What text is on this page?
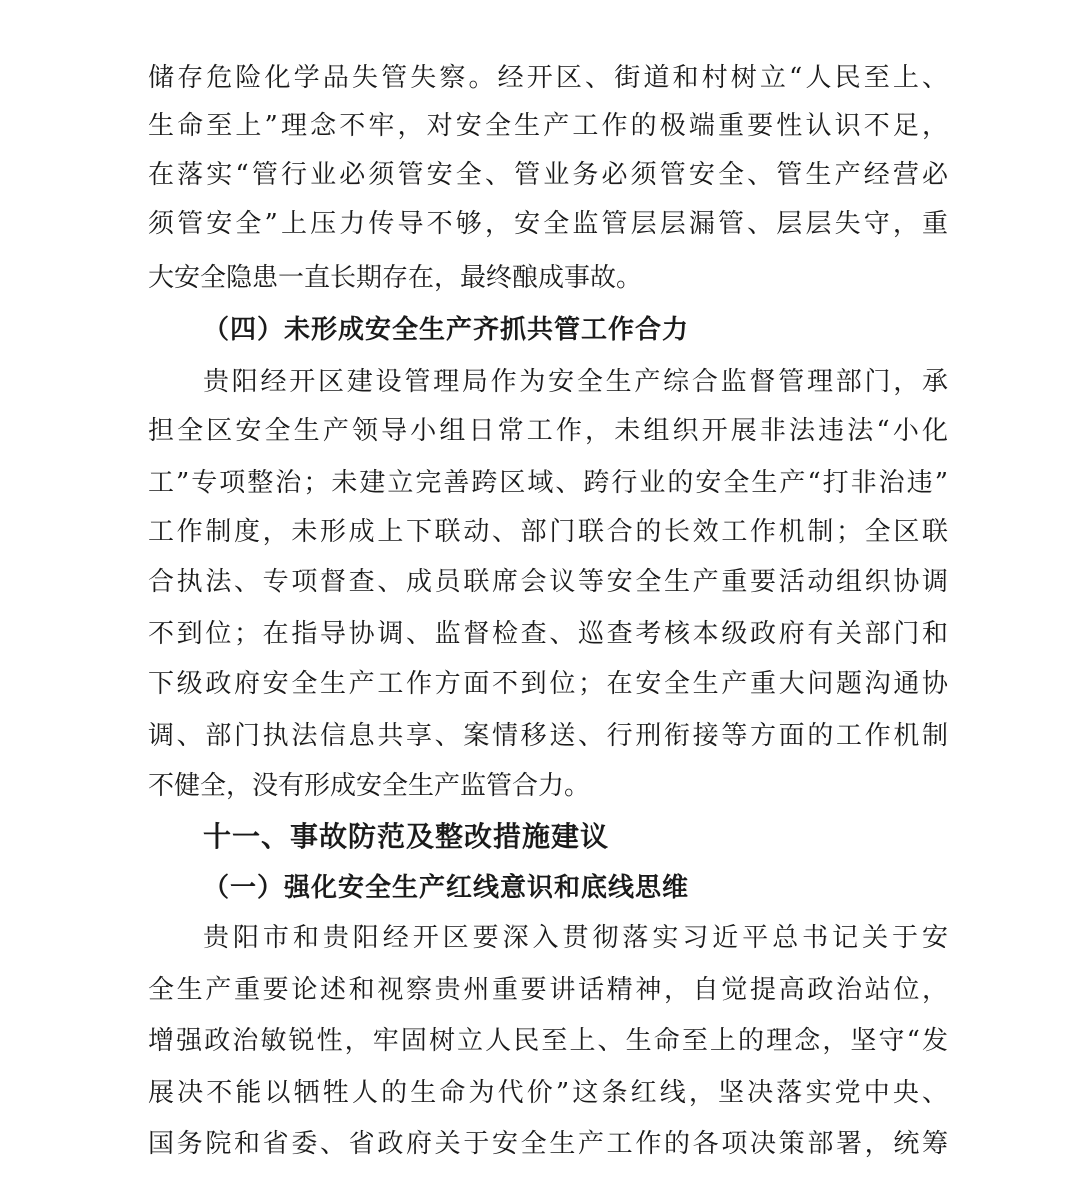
储存危险化学品失管失察。经开区、街道和村树立“人民至上、
生命至上”理念不牢，对安全生产工作的极端重要性认识不足，
在落实“管行业必须管安全、管业务必须管安全、管生产经营必
须管安全”上压力传导不够，安全监管层层漏管、层层失守，重
大安全隐患一直长期存在，最终酿成事故。
（四）未形成安全生产齐抓共管工作合力
贵阳经开区建设管理局作为安全生产综合监督管理部门，承
担全区安全生产领导小组日常工作，未组织开展非法违法“小化
工”专项整治；未建立完善跨区域、跨行业的安全生产“打非治违”
工作制度，未形成上下联动、部门联合的长效工作机制；全区联
合执法、专项督查、成员联席会议等安全生产重要活动组织协调
不到位；在指导协调、监督检查、巡查考核本级政府有关部门和
下级政府安全生产工作方面不到位；在安全生产重大问题沟通协
调、部门执法信息共享、案情移送、行刑衔接等方面的工作机制
不健全，没有形成安全生产监管合力。
十一、事故防范及整改措施建议
（一）强化安全生产红线意识和底线思维
贵阳市和贵阳经开区要深入贯彻落实习近平总书记关于安
全生产重要论述和视察贵州重要讲话精神，自觉提高政治站位，
增强政治敏锐性，牢固树立人民至上、生命至上的理念，坚守“发
展决不能以牺牲人的生命为代价”这条红线，坚决落实党中央、
国务院和省委、省政府关于安全生产工作的各项决策部署，统筹
